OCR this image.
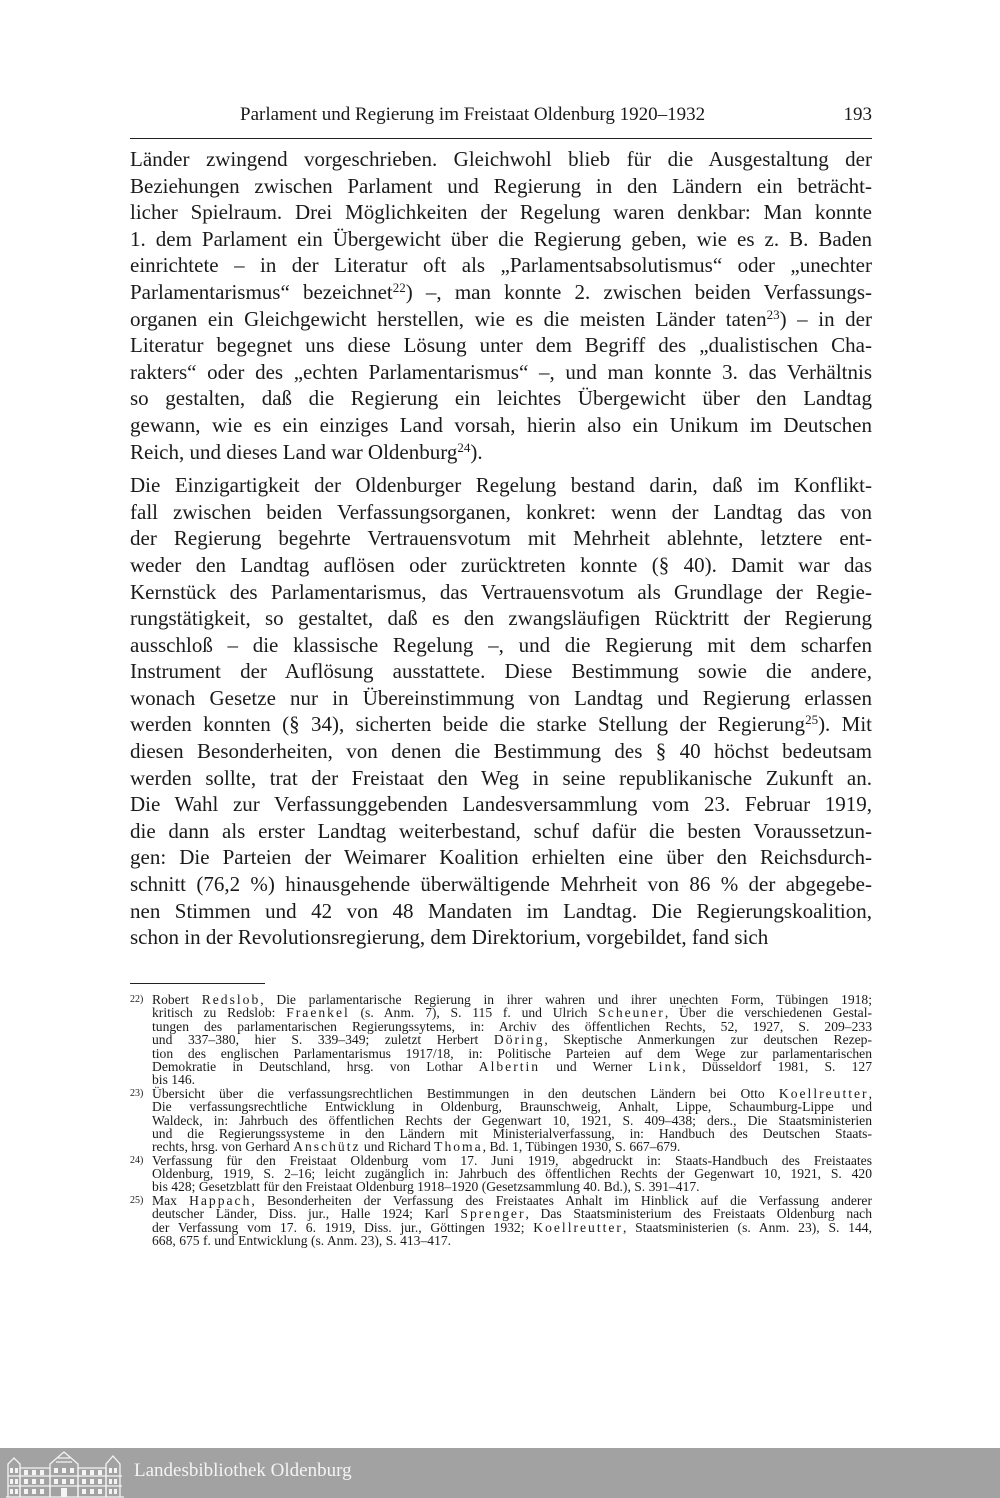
Parlament und Regierung im Freistaat Oldenburg 1920–1932	193
Länder zwingend vorgeschrieben. Gleichwohl blieb für die Ausgestaltung der
Beziehungen zwischen Parlament und Regierung in den Ländern ein beträcht-
licher Spielraum. Drei Möglichkeiten der Regelung waren denkbar: Man konnte
1. dem Parlament ein Übergewicht über die Regierung geben, wie es z. B. Baden
einrichtete – in der Literatur oft als „Parlamentsabsolutismus“ oder „unechter
Parlamentarismus“ bezeichnet$^{22}$) –, man konnte 2. zwischen beiden Verfassungs-
organen ein Gleichgewicht herstellen, wie es die meisten Länder taten$^{23}$) – in der
Literatur begegnet uns diese Lösung unter dem Begriff des „dualistischen Cha-
rakters“ oder des „echten Parlamentarismus“ –, und man konnte 3. das Verhältnis
so gestalten, daß die Regierung ein leichtes Übergewicht über den Landtag
gewann, wie es ein einziges Land vorsah, hierin also ein Unikum im Deutschen
Reich, und dieses Land war Oldenburg$^{24}$).
Die Einzigartigkeit der Oldenburger Regelung bestand darin, daß im Konflikt-
fall zwischen beiden Verfassungsorganen, konkret: wenn der Landtag das von
der Regierung begehrte Vertrauensvotum mit Mehrheit ablehnte, letztere ent-
weder den Landtag auflösen oder zurücktreten konnte (§ 40). Damit war das
Kernstück des Parlamentarismus, das Vertrauensvotum als Grundlage der Regie-
rungstätigkeit, so gestaltet, daß es den zwangsläufigen Rücktritt der Regierung
ausschloß – die klassische Regelung –, und die Regierung mit dem scharfen
Instrument der Auflösung ausstattete. Diese Bestimmung sowie die andere,
wonach Gesetze nur in Übereinstimmung von Landtag und Regierung erlassen
werden konnten (§ 34), sicherten beide die starke Stellung der Regierung$^{25}$). Mit
diesen Besonderheiten, von denen die Bestimmung des § 40 höchst bedeutsam
werden sollte, trat der Freistaat den Weg in seine republikanische Zukunft an.
Die Wahl zur Verfassunggebenden Landesversammlung vom 23. Februar 1919,
die dann als erster Landtag weiterbestand, schuf dafür die besten Voraussetzun-
gen: Die Parteien der Weimarer Koalition erhielten eine über den Reichsdurch-
schnitt (76,2 %) hinausgehende überwältigende Mehrheit von 86 % der abgegebe-
nen Stimmen und 42 von 48 Mandaten im Landtag. Die Regierungskoalition,
schon in der Revolutionsregierung, dem Direktorium, vorgebildet, fand sich
22) Robert Redslob, Die parlamentarische Regierung in ihrer wahren und ihrer unechten Form, Tübingen 1918;
kritisch zu Redslob: Fraenkel (s. Anm. 7), S. 115 f. und Ulrich Scheuner, Über die verschiedenen Gestal-
tungen des parlamentarischen Regierungssytems, in: Archiv des öffentlichen Rechts, 52, 1927, S. 209–233
und 337–380, hier S. 339–349; zuletzt Herbert Döring, Skeptische Anmerkungen zur deutschen Rezep-
tion des englischen Parlamentarismus 1917/18, in: Politische Parteien auf dem Wege zur parlamentarischen
Demokratie in Deutschland, hrsg. von Lothar Albertin und Werner Link, Düsseldorf 1981, S. 127
bis 146.
23) Übersicht über die verfassungsrechtlichen Bestimmungen in den deutschen Ländern bei Otto Koellreutter,
Die verfassungsrechtliche Entwicklung in Oldenburg, Braunschweig, Anhalt, Lippe, Schaumburg-Lippe und
Waldeck, in: Jahrbuch des öffentlichen Rechts der Gegenwart 10, 1921, S. 409–438; ders., Die Staatsministerien
und die Regierungssysteme in den Ländern mit Ministerialverfassung, in: Handbuch des Deutschen Staats-
rechts, hrsg. von Gerhard Anschütz und Richard Thoma, Bd. 1, Tübingen 1930, S. 667–679.
24) Verfassung für den Freistaat Oldenburg vom 17. Juni 1919, abgedruckt in: Staats-Handbuch des Freistaates
Oldenburg, 1919, S. 2–16; leicht zugänglich in: Jahrbuch des öffentlichen Rechts der Gegenwart 10, 1921, S. 420
bis 428; Gesetzblatt für den Freistaat Oldenburg 1918–1920 (Gesetzsammlung 40. Bd.), S. 391–417.
25) Max Happach, Besonderheiten der Verfassung des Freistaates Anhalt im Hinblick auf die Verfassung anderer
deutscher Länder, Diss. jur., Halle 1924; Karl Sprenger, Das Staatsministerium des Freistaats Oldenburg nach
der Verfassung vom 17. 6. 1919, Diss. jur., Göttingen 1932; Koellreutter, Staatsministerien (s. Anm. 23), S. 144,
668, 675 f. und Entwicklung (s. Anm. 23), S. 413–417.
Landesbibliothek Oldenburg
